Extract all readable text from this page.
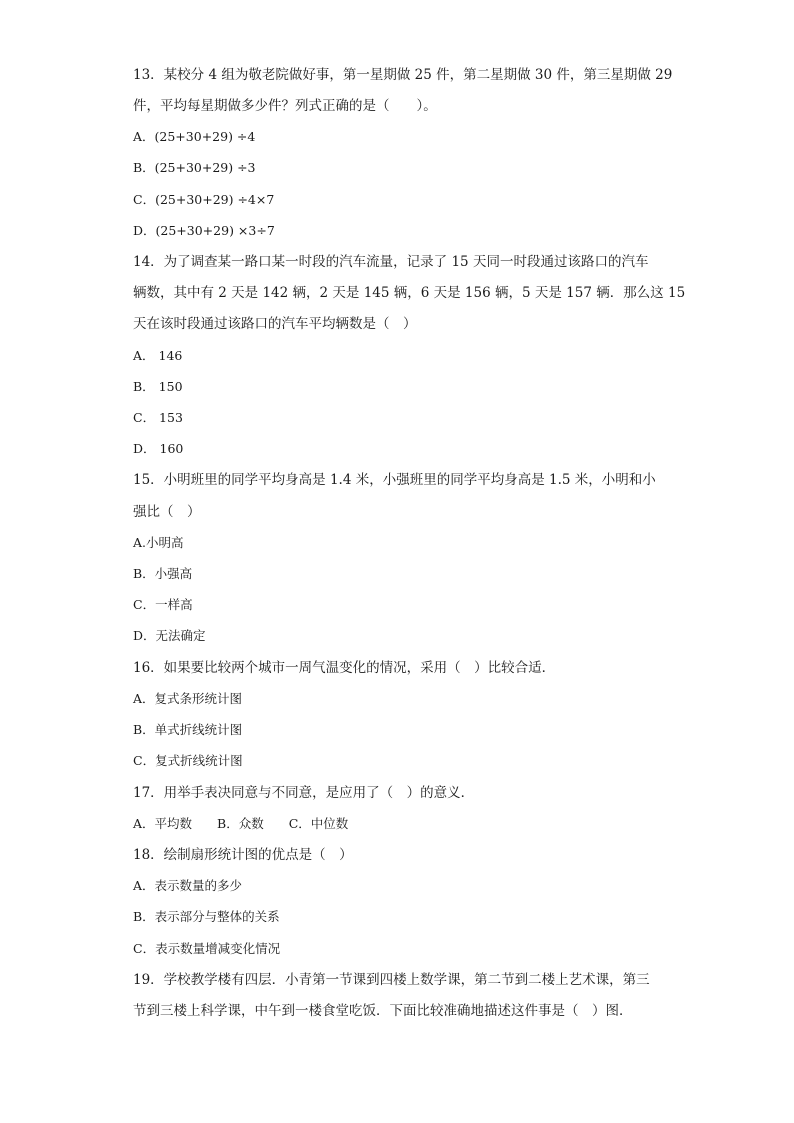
13．某校分 4 组为敬老院做好事，第一星期做 25 件，第二星期做 30 件，第三星期做 29
件，平均每星期做多少件？列式正确的是（　　）。
A．(25+30+29) ÷4
B．(25+30+29) ÷3
C．(25+30+29) ÷4×7
D．(25+30+29) ×3÷7
14．为了调查某一路口某一时段的汽车流量，记录了 15 天同一时段通过该路口的汽车
辆数，其中有 2 天是 142 辆，2 天是 145 辆，6 天是 156 辆，5 天是 157 辆．那么这 15
天在该时段通过该路口的汽车平均辆数是（　）
A． 146
B． 150
C． 153
D． 160
15．小明班里的同学平均身高是 1.4 米，小强班里的同学平均身高是 1.5 米，小明和小
强比（　）
A.小明高
B．小强高
C．一样高
D．无法确定
16．如果要比较两个城市一周气温变化的情况，采用（　）比较合适．
A．复式条形统计图
B．单式折线统计图
C．复式折线统计图
17．用举手表决同意与不同意，是应用了（　）的意义．
A．平均数　　B．众数　　C．中位数
18．绘制扇形统计图的优点是（　）
A．表示数量的多少
B．表示部分与整体的关系
C．表示数量增减变化情况
19．学校教学楼有四层．小青第一节课到四楼上数学课，第二节到二楼上艺术课，第三
节到三楼上科学课，中午到一楼食堂吃饭．下面比较准确地描述这件事是（　）图．
